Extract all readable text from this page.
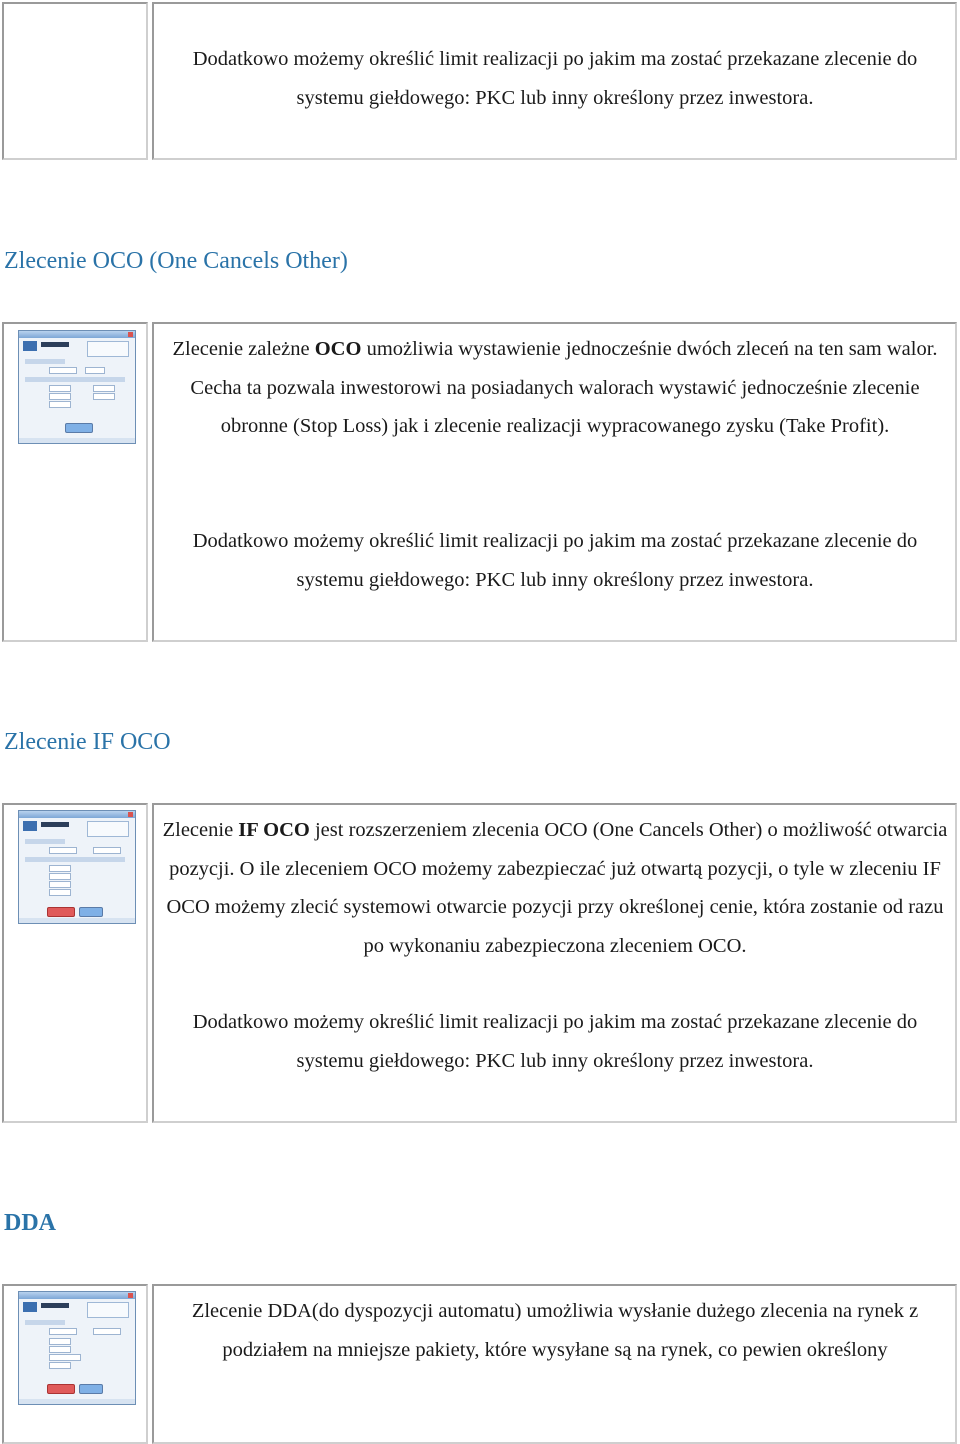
Dodatkowo możemy określić limit realizacji po jakim ma zostać przekazane zlecenie do systemu giełdowego: PKC lub inny określony przez inwestora.

Zlecenie OCO (One Cancels Other)

Zlecenie zależne OCO umożliwia wystawienie jednocześnie dwóch zleceń na ten sam walor. Cecha ta pozwala inwestorowi na posiadanych walorach wystawić jednocześnie zlecenie obronne (Stop Loss) jak i zlecenie realizacji wypracowanego zysku (Take Profit).

Dodatkowo możemy określić limit realizacji po jakim ma zostać przekazane zlecenie do systemu giełdowego: PKC lub inny określony przez inwestora.

Zlecenie IF OCO

Zlecenie IF OCO jest rozszerzeniem zlecenia OCO (One Cancels Other) o możliwość otwarcia pozycji. O ile zleceniem OCO możemy zabezpieczać już otwartą pozycji, o tyle w zleceniu IF OCO możemy zlecić systemowi otwarcie pozycji przy określonej cenie, która zostanie od razu po wykonaniu zabezpieczona zleceniem OCO.

Dodatkowo możemy określić limit realizacji po jakim ma zostać przekazane zlecenie do systemu giełdowego: PKC lub inny określony przez inwestora.

DDA

Zlecenie DDA(do dyspozycji automatu) umożliwia wysłanie dużego zlecenia na rynek z podziałem na mniejsze pakiety, które wysyłane są na rynek, co pewien określony
